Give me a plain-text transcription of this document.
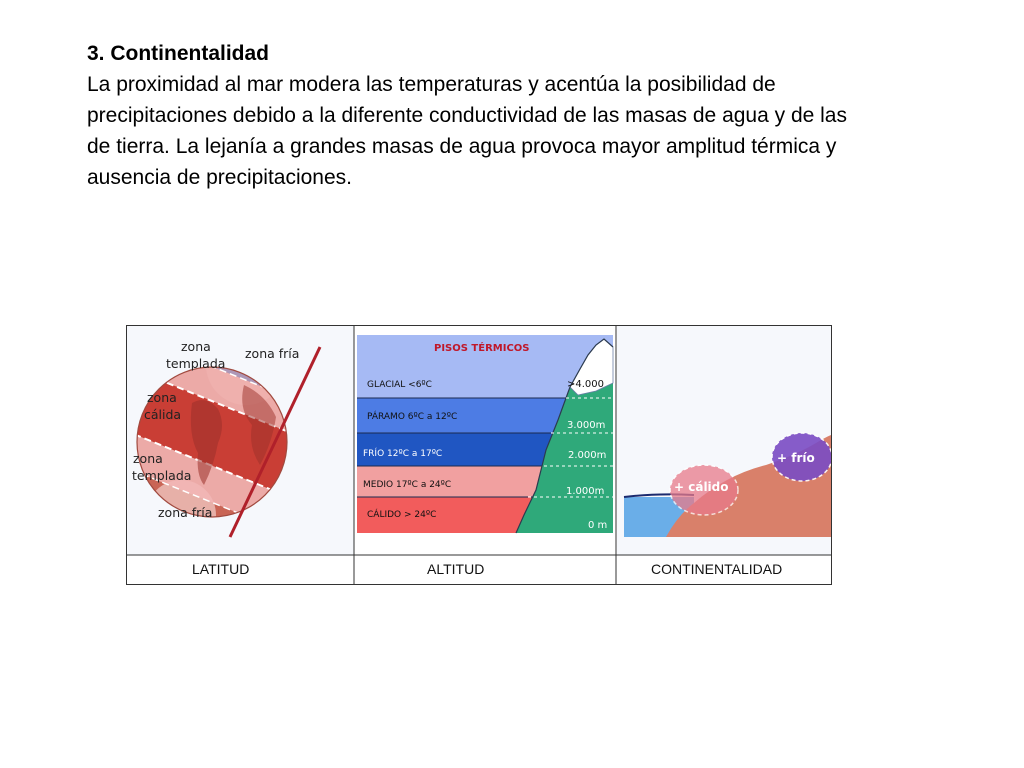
3. Continentalidad
La proximidad al mar modera las temperaturas y acentúa la posibilidad de
precipitaciones debido a la diferente conductividad de las masas de agua y de las
de tierra. La lejanía a grandes masas de agua provoca mayor amplitud térmica y
ausencia de precipitaciones.
zona
templada
zona fría
zona
cálida
zona
templada
zona fría
PISOS TÉRMICOS
GLACIAL <6ºC
PÁRAMO 6ºC a 12ºC
FRÍO 12ºC a 17ºC
MEDIO 17ºC a 24ºC
CÁLIDO > 24ºC
>4.000
3.000m
2.000m
1.000m
0 m
+ cálido
+ frío
LATITUD	ALTITUD	CONTINENTALIDAD
